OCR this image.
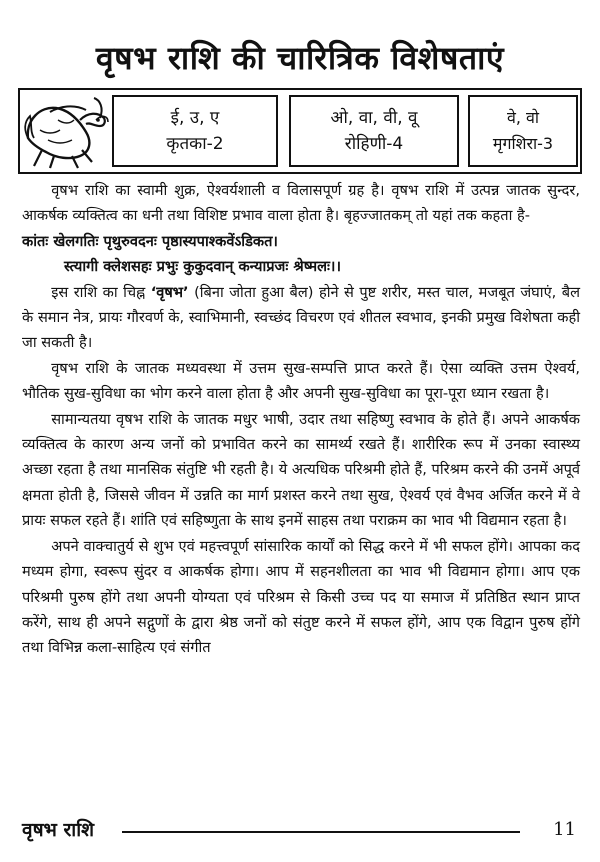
वृषभ राशि की चारित्रिक विशेषताएं
ई, उ, ए
कृतका-2
ओ, वा, वी, वू
रोहिणी-4
वे, वो
मृगशिरा-3

वृषभ राशि का स्वामी शुक्र, ऐश्वर्यशाली व विलासपूर्ण ग्रह है। वृषभ राशि में उत्पन्न जातक सुन्दर, आकर्षक व्यक्तित्व का धनी तथा विशिष्ट प्रभाव वाला होता है। बृहज्जातकम् तो यहां तक कहता है-

कांतः खेलगतिः पृथुरुवदनः पृष्ठास्यपाश्कवेंऽडिकत।

स्त्यागी क्लेशसहः प्रभुः कुकुदवान् कन्याप्रजः श्रेष्मलः।।

इस राशि का चिह्न ‘वृषभ’ (बिना जोता हुआ बैल) होने से पुष्ट शरीर, मस्त चाल, मजबूत जंघाएं, बैल के समान नेत्र, प्रायः गौरवर्ण के, स्वाभिमानी, स्वच्छंद विचरण एवं शीतल स्वभाव, इनकी प्रमुख विशेषता कही जा सकती है।

वृषभ राशि के जातक मध्यवस्था में उत्तम सुख-सम्पत्ति प्राप्त करते हैं। ऐसा व्यक्ति उत्तम ऐश्वर्य, भौतिक सुख-सुविधा का भोग करने वाला होता है और अपनी सुख-सुविधा का पूरा-पूरा ध्यान रखता है।

सामान्यतया वृषभ राशि के जातक मधुर भाषी, उदार तथा सहिष्णु स्वभाव के होते हैं। अपने आकर्षक व्यक्तित्व के कारण अन्य जनों को प्रभावित करने का सामर्थ्य रखते हैं। शारीरिक रूप में उनका स्वास्थ्य अच्छा रहता है तथा मानसिक संतुष्टि भी रहती है। ये अत्यधिक परिश्रमी होते हैं, परिश्रम करने की उनमें अपूर्व क्षमता होती है, जिससे जीवन में उन्नति का मार्ग प्रशस्त करने तथा सुख, ऐश्वर्य एवं वैभव अर्जित करने में वे प्रायः सफल रहते हैं। शांति एवं सहिष्णुता के साथ इनमें साहस तथा पराक्रम का भाव भी विद्यमान रहता है।

अपने वाक्चातुर्य से शुभ एवं महत्त्वपूर्ण सांसारिक कार्यों को सिद्ध करने में भी सफल होंगे। आपका कद मध्यम होगा, स्वरूप सुंदर व आकर्षक होगा। आप में सहनशीलता का भाव भी विद्यमान होगा। आप एक परिश्रमी पुरुष होंगे तथा अपनी योग्यता एवं परिश्रम से किसी उच्च पद या समाज में प्रतिष्ठित स्थान प्राप्त करेंगे, साथ ही अपने सद्गुणों के द्वारा श्रेष्ठ जनों को संतुष्ट करने में सफल होंगे, आप एक विद्वान पुरुष होंगे तथा विभिन्न कला-साहित्य एवं संगीत

वृषभ राशि	11
